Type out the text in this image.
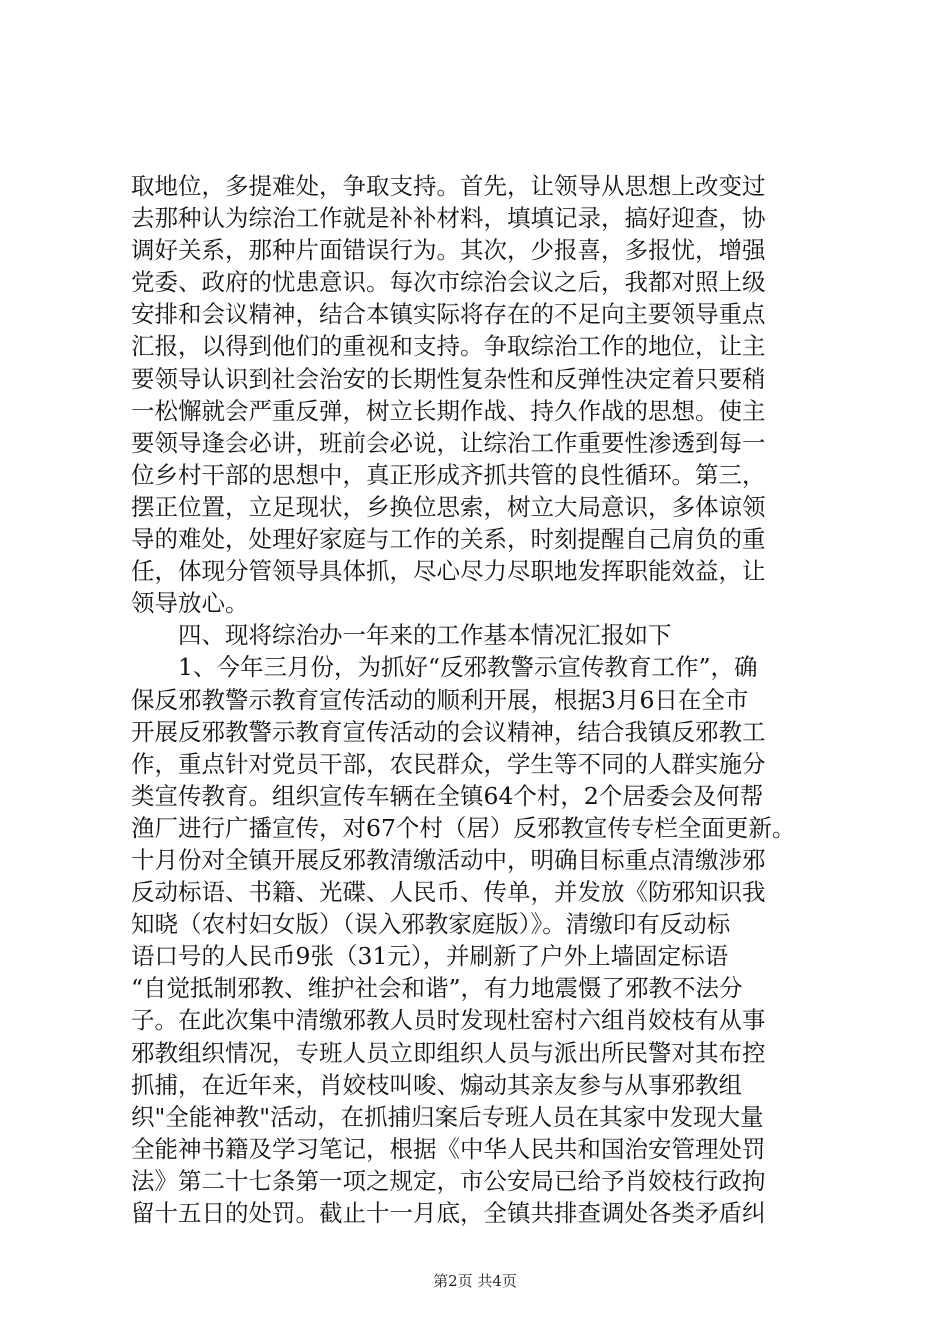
取地位，多提难处，争取支持。首先，让领导从思想上改变过
去那种认为综治工作就是补补材料，填填记录，搞好迎查，协
调好关系，那种片面错误行为。其次，少报喜，多报忧，增强
党委、政府的忧患意识。每次市综治会议之后，我都对照上级
安排和会议精神，结合本镇实际将存在的不足向主要领导重点
汇报，以得到他们的重视和支持。争取综治工作的地位，让主
要领导认识到社会治安的长期性复杂性和反弹性决定着只要稍
一松懈就会严重反弹，树立长期作战、持久作战的思想。使主
要领导逢会必讲，班前会必说，让综治工作重要性渗透到每一
位乡村干部的思想中，真正形成齐抓共管的良性循环。第三，
摆正位置，立足现状，乡换位思索，树立大局意识，多体谅领
导的难处，处理好家庭与工作的关系，时刻提醒自己肩负的重
任，体现分管领导具体抓，尽心尽力尽职地发挥职能效益，让
领导放心。
　　四、现将综治办一年来的工作基本情况汇报如下
　　1、今年三月份，为抓好“反邪教警示宣传教育工作”，确
保反邪教警示教育宣传活动的顺利开展，根据3月6日在全市
开展反邪教警示教育宣传活动的会议精神，结合我镇反邪教工
作，重点针对党员干部，农民群众，学生等不同的人群实施分
类宣传教育。组织宣传车辆在全镇64个村，2个居委会及何帮
渔厂进行广播宣传，对67个村（居）反邪教宣传专栏全面更新。
十月份对全镇开展反邪教清缴活动中，明确目标重点清缴涉邪
反动标语、书籍、光碟、人民币、传单，并发放《防邪知识我
知晓（农村妇女版）（误入邪教家庭版）》。清缴印有反动标
语口号的人民币9张（31元），并刷新了户外上墙固定标语
“自觉抵制邪教、维护社会和谐”，有力地震慑了邪教不法分
子。在此次集中清缴邪教人员时发现杜窑村六组肖姣枝有从事
邪教组织情况，专班人员立即组织人员与派出所民警对其布控
抓捕，在近年来，肖姣枝叫唆、煽动其亲友参与从事邪教组
织"全能神教"活动，在抓捕归案后专班人员在其家中发现大量
全能神书籍及学习笔记，根据《中华人民共和国治安管理处罚
法》第二十七条第一项之规定，市公安局已给予肖姣枝行政拘
留十五日的处罚。截止十一月底，全镇共排查调处各类矛盾纠
第2页 共4页
